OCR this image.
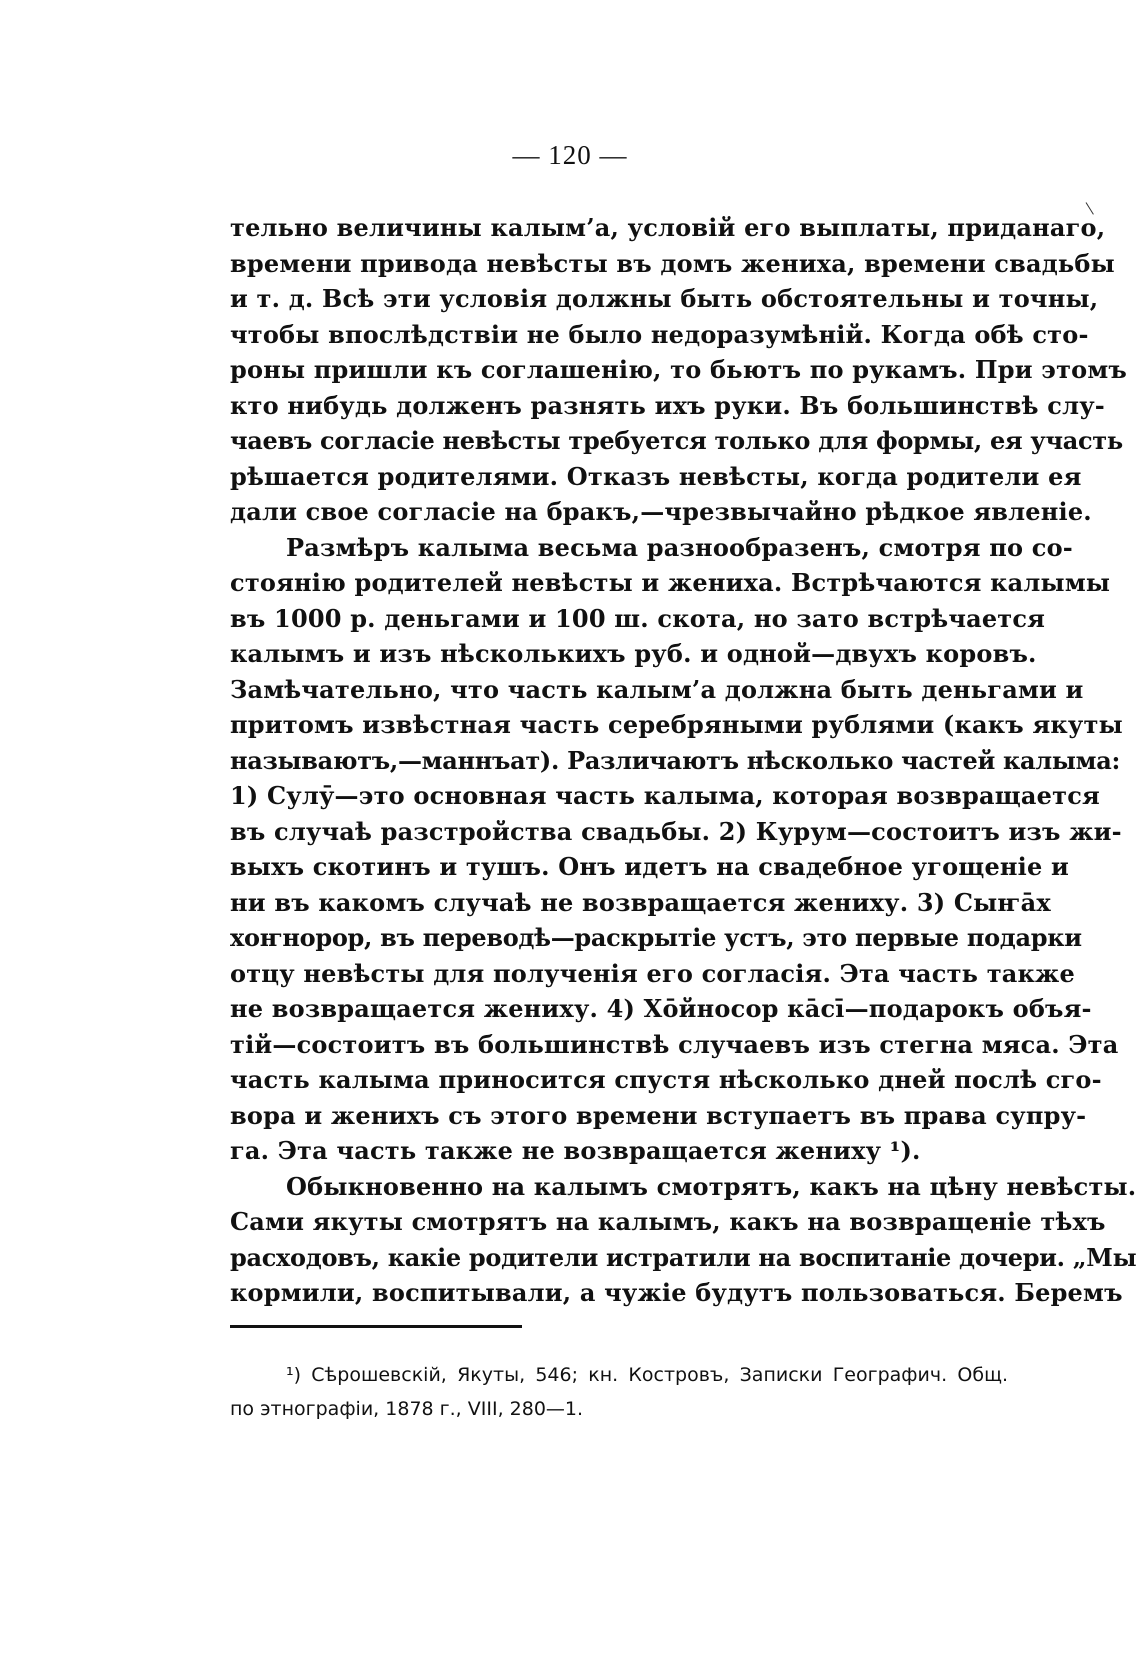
— 120 —
тельно величины калым’а, условій его выплаты, приданаго,
времени привода невѣсты въ домъ жениха, времени свадьбы
и т. д. Всѣ эти условія должны быть обстоятельны и точны,
чтобы впослѣдствіи не было недоразумѣній. Когда обѣ сто-
роны пришли къ соглашенію, то бьютъ по рукамъ. При этомъ
кто нибудь долженъ разнять ихъ руки. Въ большинствѣ слу-
чаевъ согласіе невѣсты требуется только для формы, ея участь
рѣшается родителями. Отказъ невѣсты, когда родители ея
дали свое согласіе на бракъ,—чрезвычайно рѣдкое явленіе.
Размѣръ калыма весьма разнообразенъ, смотря по со-
стоянію родителей невѣсты и жениха. Встрѣчаются калымы
въ 1000 р. деньгами и 100 ш. скота, но зато встрѣчается
калымъ и изъ нѣсколькихъ руб. и одной—двухъ коровъ.
Замѣчательно, что часть калым’а должна быть деньгами и
притомъ извѣстная часть серебряными рублями (какъ якуты
называютъ,—маннъат). Различаютъ нѣсколько частей калыма:
1) Сулӯ—это основная часть калыма, которая возвращается
въ случаѣ разстройства свадьбы. 2) Курум—состоитъ изъ жи-
выхъ скотинъ и тушъ. Онъ идетъ на свадебное угощеніе и
ни въ какомъ случаѣ не возвращается жениху. 3) Сыҥāх
хоҥнорор, въ переводѣ—раскрытіе устъ, это первые подарки
отцу невѣсты для полученія его согласія. Эта часть также
не возвращается жениху. 4) Хōйносор кāсī—подарокъ объя-
тій—состоитъ въ большинствѣ случаевъ изъ стегна мяса. Эта
часть калыма приносится спустя нѣсколько дней послѣ сго-
вора и женихъ съ этого времени вступаетъ въ права супру-
га. Эта часть также не возвращается жениху ¹).
Обыкновенно на калымъ смотрятъ, какъ на цѣну невѣсты.
Сами якуты смотрятъ на калымъ, какъ на возвращеніе тѣхъ
расходовъ, какіе родители истратили на воспитаніе дочери. „Мы
кормили, воспитывали, а чужіе будутъ пользоваться. Беремъ
¹) Сѣрошевскій, Якуты, 546; кн. Костровъ, Записки Географич. Общ.
по этнографіи, 1878 г., VIII, 280—1.
